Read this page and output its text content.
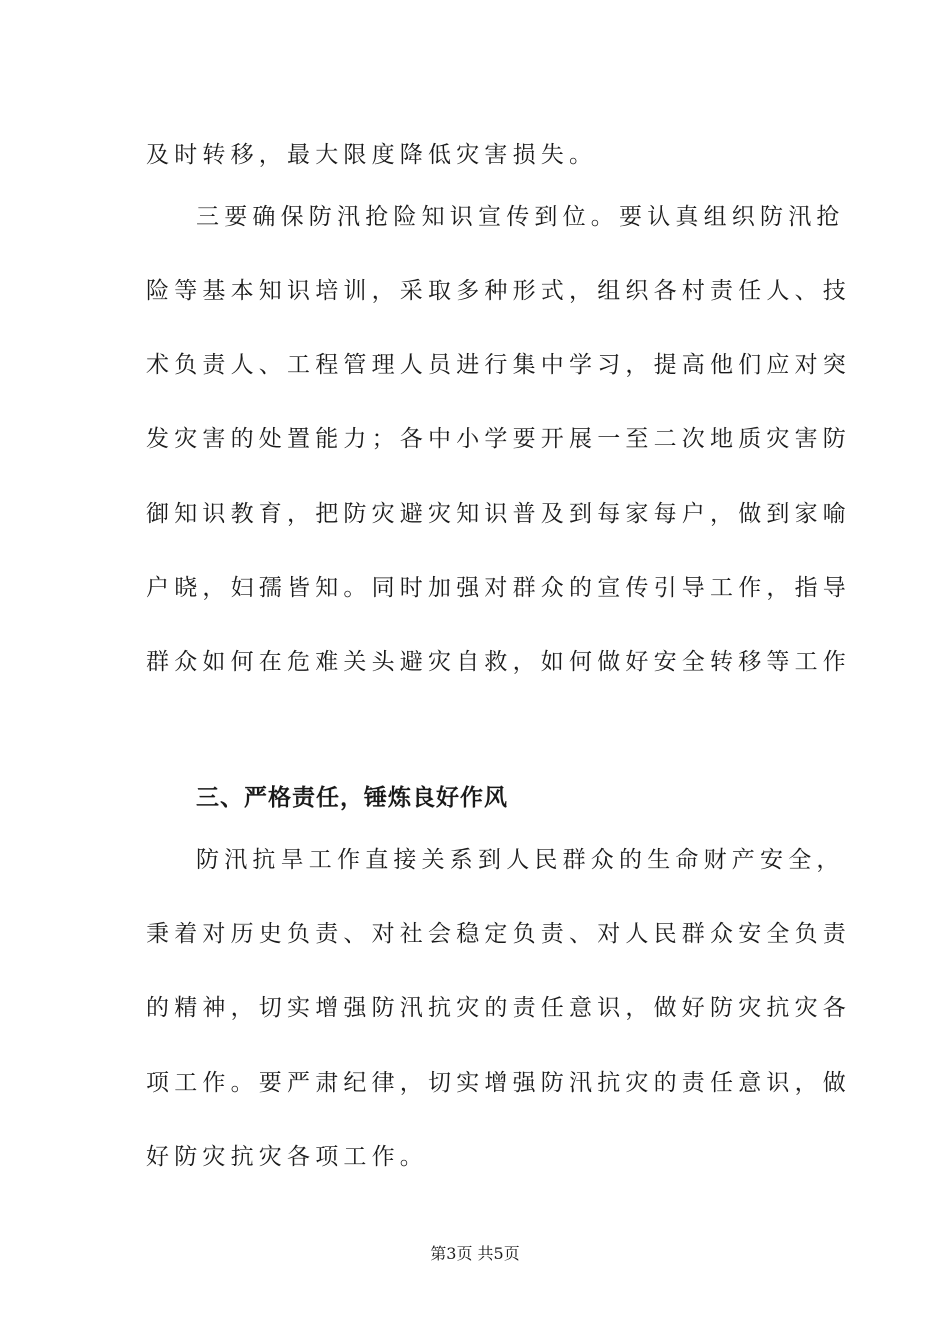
及时转移，最大限度降低灾害损失。
三要确保防汛抢险知识宣传到位。要认真组织防汛抢
险等基本知识培训，采取多种形式，组织各村责任人、技
术负责人、工程管理人员进行集中学习，提高他们应对突
发灾害的处置能力；各中小学要开展一至二次地质灾害防
御知识教育，把防灾避灾知识普及到每家每户，做到家喻
户晓，妇孺皆知。同时加强对群众的宣传引导工作，指导
群众如何在危难关头避灾自救，如何做好安全转移等工作
三、严格责任，锤炼良好作风
防汛抗旱工作直接关系到人民群众的生命财产安全，
秉着对历史负责、对社会稳定负责、对人民群众安全负责
的精神，切实增强防汛抗灾的责任意识，做好防灾抗灾各
项工作。要严肃纪律，切实增强防汛抗灾的责任意识，做
好防灾抗灾各项工作。
第3页 共5页
